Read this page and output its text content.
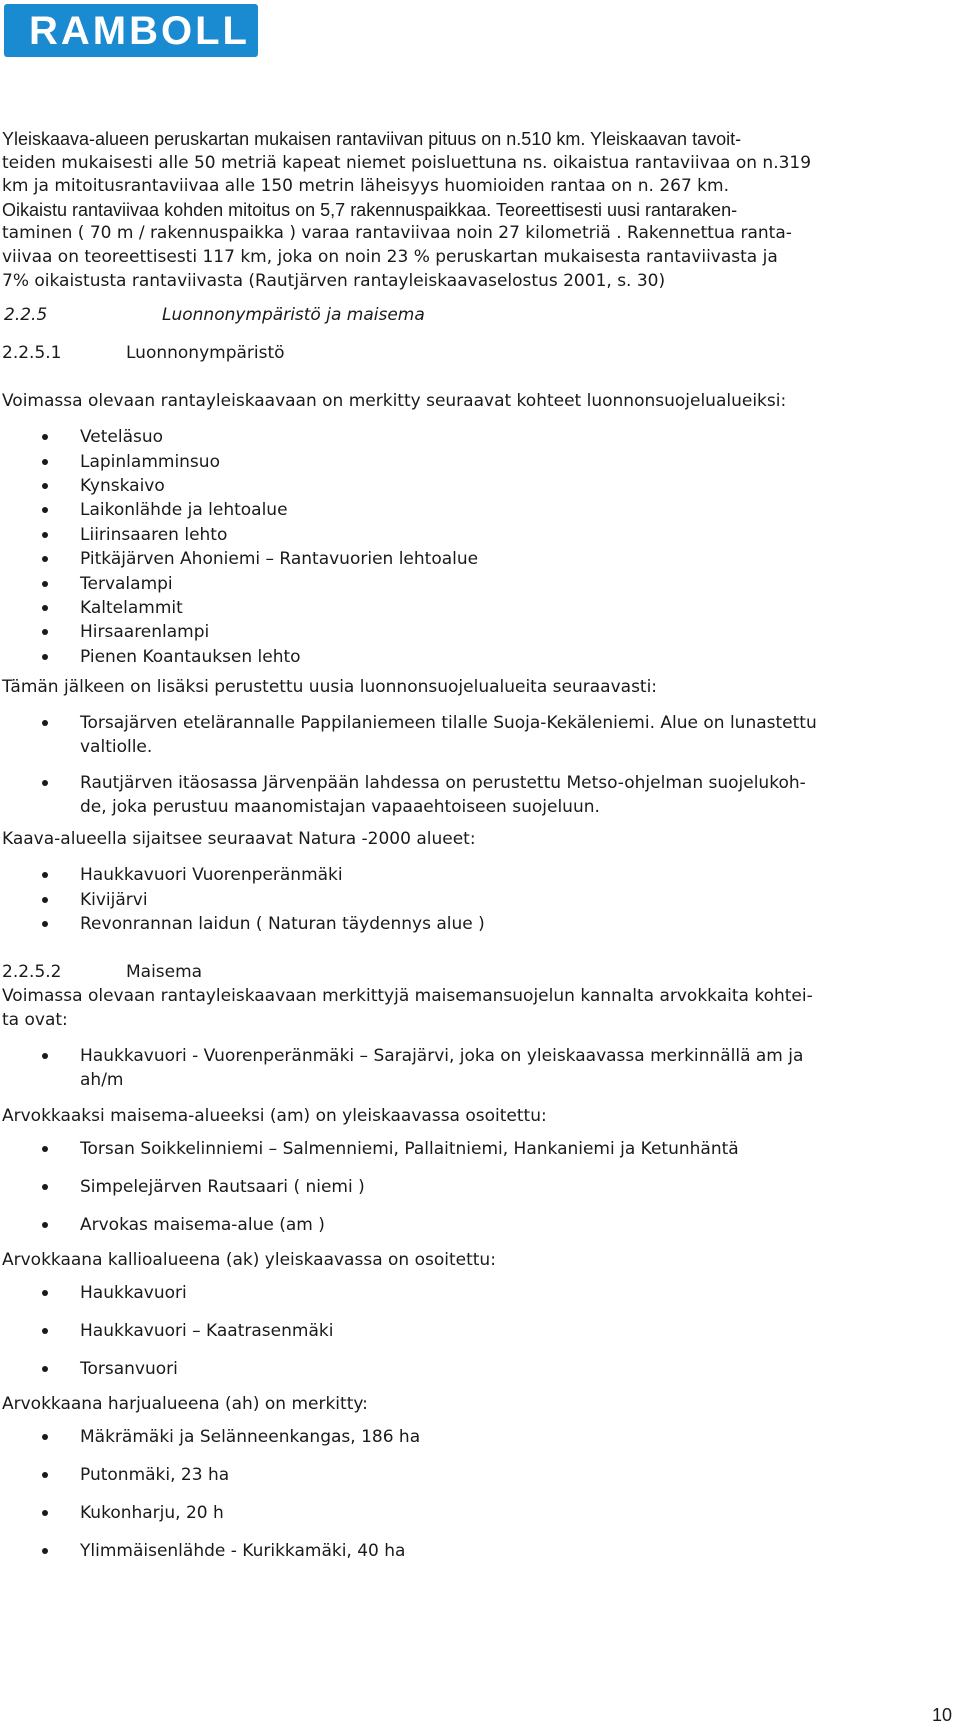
RAMBOLL

Yleiskaava-alueen peruskartan mukaisen rantaviivan pituus on n.510 km. Yleiskaavan tavoit-

teiden mukaisesti alle 50 metriä kapeat niemet poisluettuna ns. oikaistua rantaviivaa on n.319

km ja mitoitusrantaviivaa alle 150 metrin läheisyys huomioiden rantaa on n. 267 km.

Oikaistu rantaviivaa kohden mitoitus on 5,7 rakennuspaikkaa. Teoreettisesti uusi rantaraken-

taminen ( 70 m / rakennuspaikka ) varaa rantaviivaa noin 27 kilometriä . Rakennettua ranta-

viivaa on teoreettisesti 117 km, joka on noin 23 % peruskartan mukaisesta rantaviivasta ja

7% oikaistusta rantaviivasta (Rautjärven rantayleiskaavaselostus 2001, s. 30)

2.2.5	Luonnonympäristö ja maisema
2.2.5.1	Luonnonympäristö

Voimassa olevaan rantayleiskaavaan on merkitty seuraavat kohteet luonnonsuojelualueiksi:

Veteläsuo
Lapinlamminsuo
Kynskaivo
Laikonlähde ja lehtoalue
Liirinsaaren lehto
Pitkäjärven Ahoniemi – Rantavuorien lehtoalue
Tervalampi
Kaltelammit
Hirsaarenlampi
Pienen Koantauksen lehto

Tämän jälkeen on lisäksi perustettu uusia luonnonsuojelualueita seuraavasti:

Torsajärven etelärannalle Pappilaniemeen tilalle Suoja-Kekäleniemi. Alue on lunastettu
valtiolle.
Rautjärven itäosassa Järvenpään lahdessa on perustettu Metso-ohjelman suojelukoh-
de, joka perustuu maanomistajan vapaaehtoiseen suojeluun.

Kaava-alueella sijaitsee seuraavat Natura -2000 alueet:

Haukkavuori Vuorenperänmäki
Kivijärvi
Revonrannan laidun ( Naturan täydennys alue )
2.2.5.2	Maisema

Voimassa olevaan rantayleiskaavaan merkittyjä maisemansuojelun kannalta arvokkaita kohtei-

ta ovat:

Haukkavuori - Vuorenperänmäki – Sarajärvi, joka on yleiskaavassa merkinnällä am ja
ah/m

Arvokkaaksi maisema-alueeksi (am) on yleiskaavassa osoitettu:

Torsan Soikkelinniemi – Salmenniemi, Pallaitniemi, Hankaniemi ja Ketunhäntä
Simpelejärven Rautsaari ( niemi )
Arvokas maisema-alue (am )

Arvokkaana kallioalueena (ak) yleiskaavassa on osoitettu:

Haukkavuori
Haukkavuori – Kaatrasenmäki
Torsanvuori

Arvokkaana harjualueena (ah) on merkitty:

Mäkrämäki ja Selänneenkangas, 186 ha
Putonmäki, 23 ha
Kukonharju, 20 h
Ylimmäisenlähde - Kurikkamäki, 40 ha
10
